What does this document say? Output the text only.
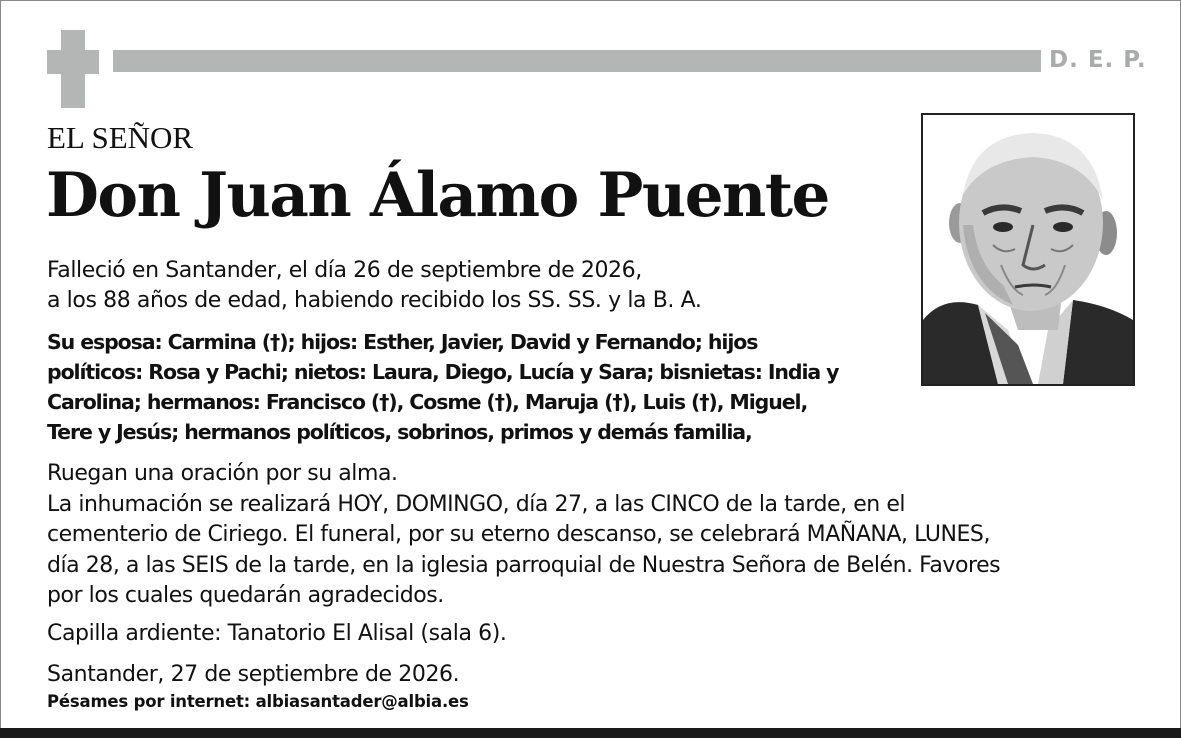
D. E. P.
EL SEÑOR
Don Juan Álamo Puente
Falleció en Santander, el día 26 de septiembre de 2026,
a los 88 años de edad, habiendo recibido los SS. SS. y la B. A.
Su esposa: Carmina (†); hijos: Esther, Javier, David y Fernando; hijos
políticos: Rosa y Pachi; nietos: Laura, Diego, Lucía y Sara; bisnietas: India y
Carolina; hermanos: Francisco (†), Cosme (†), Maruja (†), Luis (†), Miguel,
Tere y Jesús; hermanos políticos, sobrinos, primos y demás familia,
Ruegan una oración por su alma.
La inhumación se realizará HOY, DOMINGO, día 27, a las CINCO de la tarde, en el
cementerio de Ciriego. El funeral, por su eterno descanso, se celebrará MAÑANA, LUNES,
día 28, a las SEIS de la tarde, en la iglesia parroquial de Nuestra Señora de Belén. Favores
por los cuales quedarán agradecidos.
Capilla ardiente: Tanatorio El Alisal (sala 6).
Santander, 27 de septiembre de 2026.
Pésames por internet: albiasantader@albia.es
